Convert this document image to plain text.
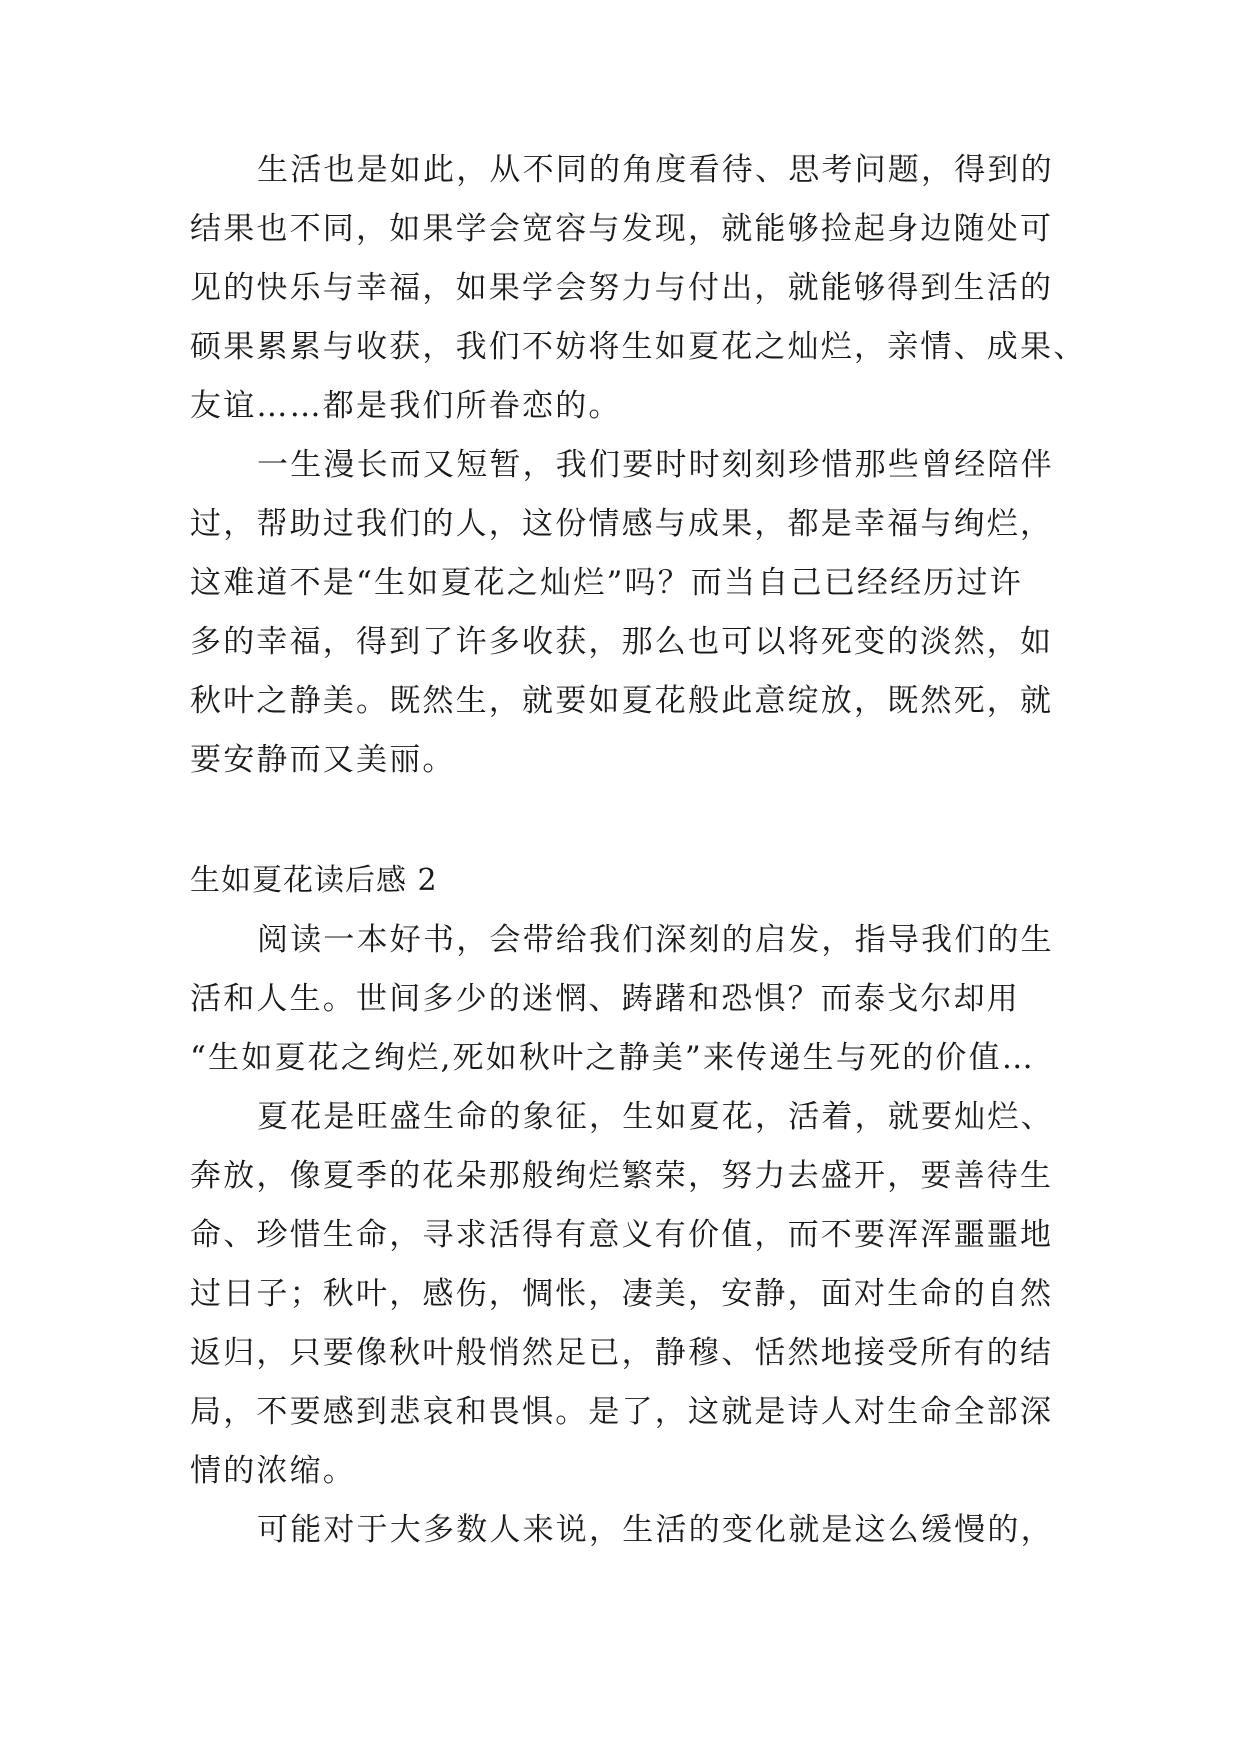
生活也是如此，从不同的角度看待、思考问题，得到的
结果也不同，如果学会宽容与发现，就能够捡起身边随处可
见的快乐与幸福，如果学会努力与付出，就能够得到生活的
硕果累累与收获，我们不妨将生如夏花之灿烂，亲情、成果、
友谊……都是我们所眷恋的。
一生漫长而又短暂，我们要时时刻刻珍惜那些曾经陪伴
过，帮助过我们的人，这份情感与成果，都是幸福与绚烂，
这难道不是“生如夏花之灿烂”吗？而当自己已经经历过许
多的幸福，得到了许多收获，那么也可以将死变的淡然，如
秋叶之静美。既然生，就要如夏花般此意绽放，既然死，就
要安静而又美丽。
生如夏花读后感 2
阅读一本好书，会带给我们深刻的启发，指导我们的生
活和人生。世间多少的迷惘、踌躇和恐惧？而泰戈尔却用
“生如夏花之绚烂,死如秋叶之静美”来传递生与死的价值…
夏花是旺盛生命的象征，生如夏花，活着，就要灿烂、
奔放，像夏季的花朵那般绚烂繁荣，努力去盛开，要善待生
命、珍惜生命，寻求活得有意义有价值，而不要浑浑噩噩地
过日子；秋叶，感伤，惆怅，凄美，安静，面对生命的自然
返归，只要像秋叶般悄然足已，静穆、恬然地接受所有的结
局，不要感到悲哀和畏惧。是了，这就是诗人对生命全部深
情的浓缩。
可能对于大多数人来说，生活的变化就是这么缓慢的，
